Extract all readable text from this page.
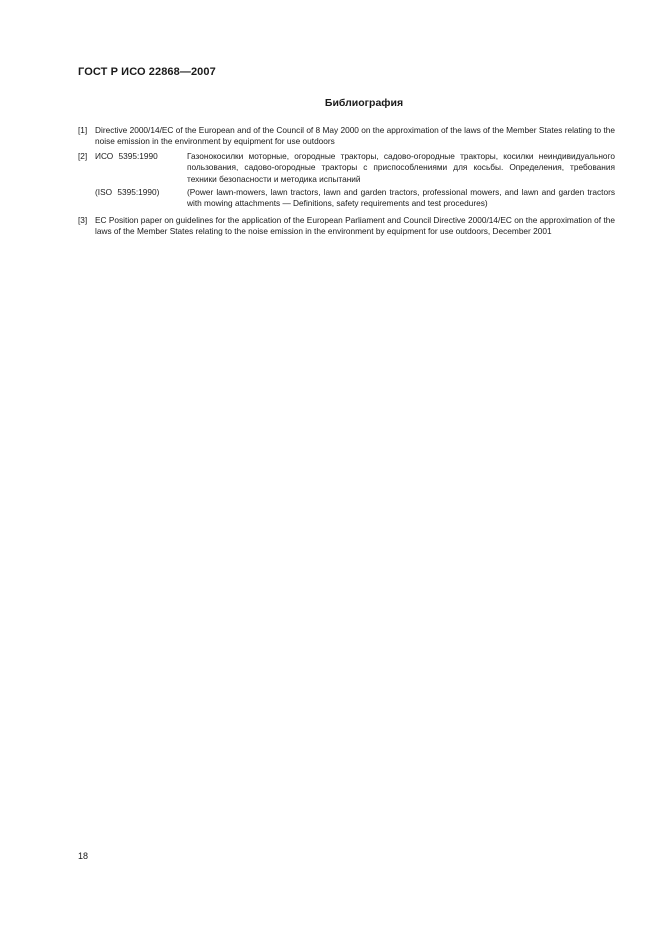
ГОСТ Р ИСО 22868—2007
Библиография
[1] Directive 2000/14/EC of the European and of the Council of 8 May 2000 on the approximation of the laws of the Member States relating to the noise emission in the environment by equipment for use outdoors
[2] ИСО 5395:1990	Газонокосилки моторные, огородные тракторы, садово-огородные тракторы, косилки неиндивидуального пользования, садово-огородные тракторы с приспособлениями для косьбы. Определения, требования техники безопасности и методика испытаний
(ISO 5395:1990)	(Power lawn-mowers, lawn tractors, lawn and garden tractors, professional mowers, and lawn and garden tractors with mowing attachments — Definitions, safety requirements and test procedures)
[3] EC Position paper on guidelines for the application of the European Parliament and Council Directive 2000/14/EC on the approximation of the laws of the Member States relating to the noise emission in the environment by equipment for use outdoors, December 2001
18
